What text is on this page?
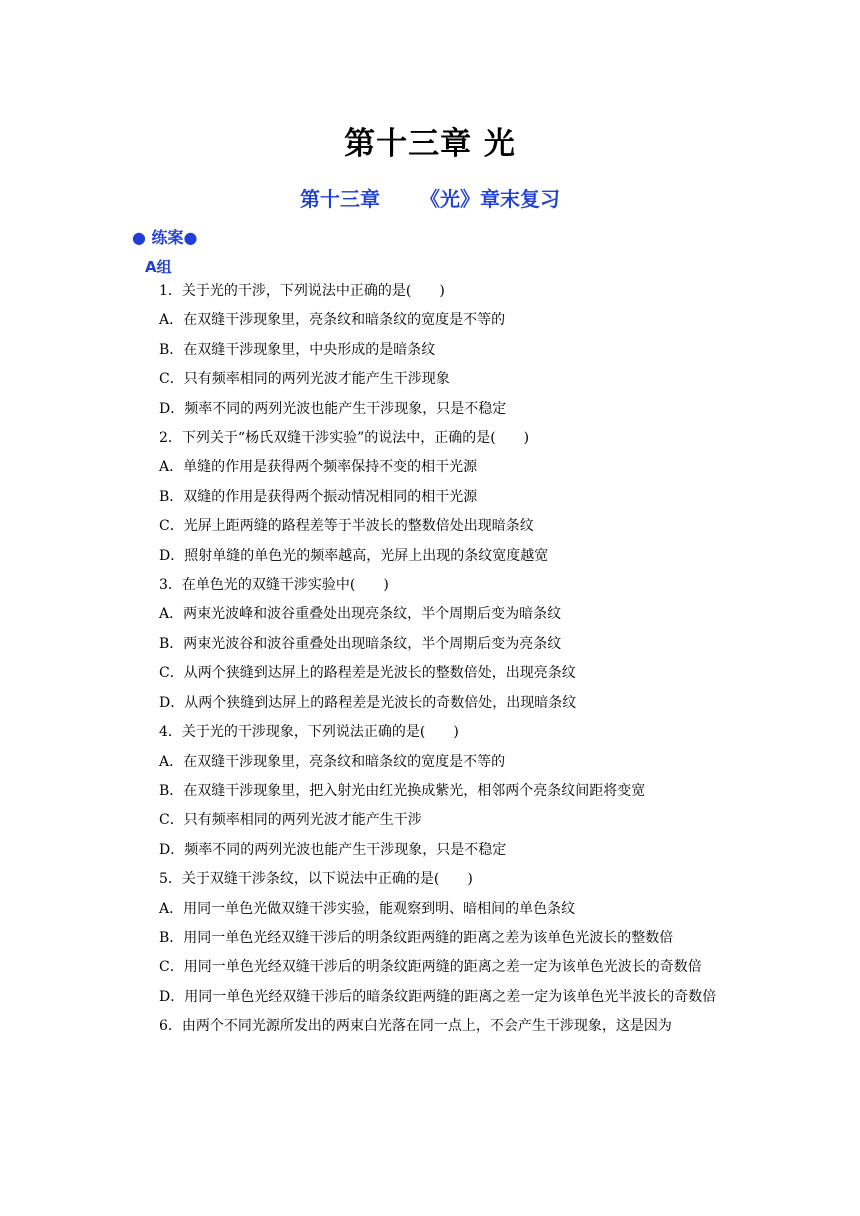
第十三章 光
第十三章 《光》章末复习
● 练案●
A组

1．关于光的干涉，下列说法中正确的是(　　)

A．在双缝干涉现象里，亮条纹和暗条纹的宽度是不等的

B．在双缝干涉现象里，中央形成的是暗条纹

C．只有频率相同的两列光波才能产生干涉现象

D．频率不同的两列光波也能产生干涉现象，只是不稳定

2．下列关于“杨氏双缝干涉实验”的说法中，正确的是(　　)

A．单缝的作用是获得两个频率保持不变的相干光源

B．双缝的作用是获得两个振动情况相同的相干光源

C．光屏上距两缝的路程差等于半波长的整数倍处出现暗条纹

D．照射单缝的单色光的频率越高，光屏上出现的条纹宽度越宽

3．在单色光的双缝干涉实验中(　　)

A．两束光波峰和波谷重叠处出现亮条纹，半个周期后变为暗条纹

B．两束光波谷和波谷重叠处出现暗条纹，半个周期后变为亮条纹

C．从两个狭缝到达屏上的路程差是光波长的整数倍处，出现亮条纹

D．从两个狭缝到达屏上的路程差是光波长的奇数倍处，出现暗条纹

4．关于光的干涉现象，下列说法正确的是(　　)

A．在双缝干涉现象里，亮条纹和暗条纹的宽度是不等的

B．在双缝干涉现象里，把入射光由红光换成紫光，相邻两个亮条纹间距将变宽

C．只有频率相同的两列光波才能产生干涉

D．频率不同的两列光波也能产生干涉现象，只是不稳定

5．关于双缝干涉条纹，以下说法中正确的是(　　)

A．用同一单色光做双缝干涉实验，能观察到明、暗相间的单色条纹

B．用同一单色光经双缝干涉后的明条纹距两缝的距离之差为该单色光波长的整数倍

C．用同一单色光经双缝干涉后的明条纹距两缝的距离之差一定为该单色光波长的奇数倍

D．用同一单色光经双缝干涉后的暗条纹距两缝的距离之差一定为该单色光半波长的奇数倍

6．由两个不同光源所发出的两束白光落在同一点上，不会产生干涉现象，这是因为
